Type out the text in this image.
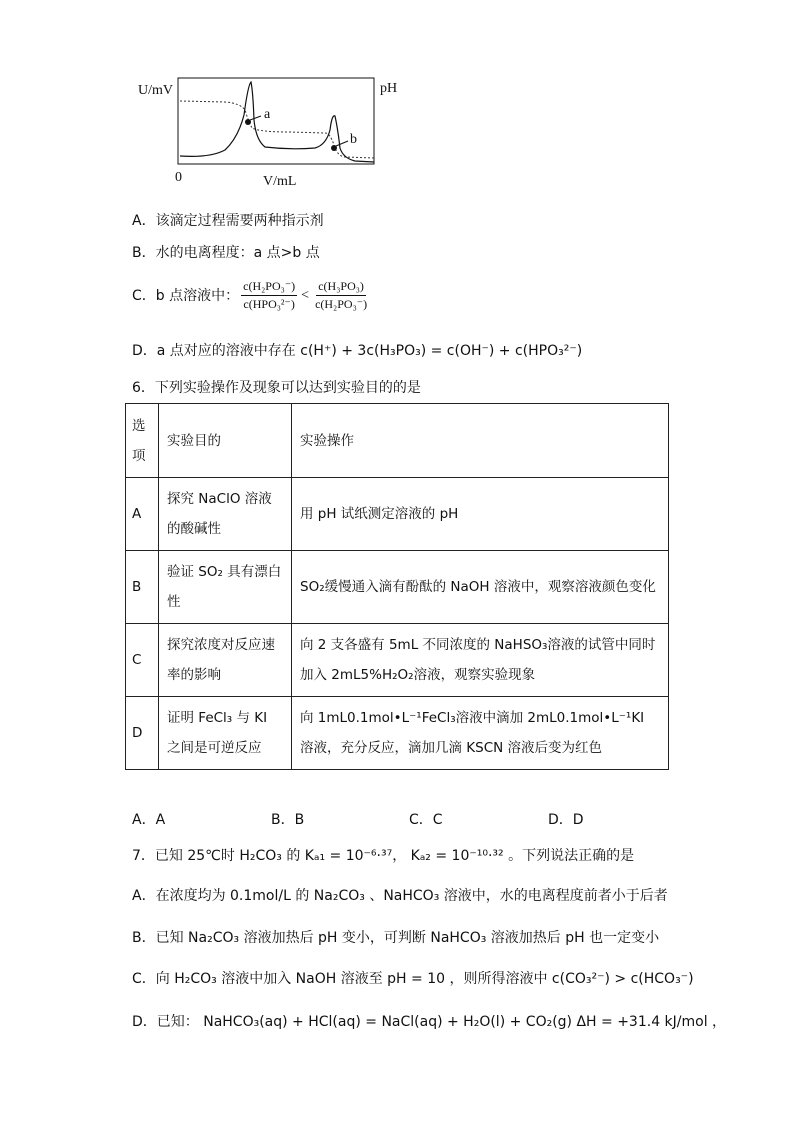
U/mV	pH
V/mL
0
a
b
A．该滴定过程需要两种指示剂
B．水的电离程度：a 点>b 点
C．b 点溶液中： $\frac{\text{c(H₂PO₃⁻)}}{\text{c(HPO₃²⁻)}} < \frac{\text{c(H₃PO₃)}}{\text{c(H₂PO₃⁻)}}$
D．a 点对应的溶液中存在 c(H⁺) + 3c(H₃PO₃) = c(OH⁻) + c(HPO₃²⁻)
6．下列实验操作及现象可以达到实验目的的是
选项	实验目的	实验操作
A	探究 NaClO 溶液的酸碱性	用 pH 试纸测定溶液的 pH
B	验证 SO₂ 具有漂白性	SO₂缓慢通入滴有酚酞的 NaOH 溶液中，观察溶液颜色变化
C	探究浓度对反应速率的影响	向 2 支各盛有 5mL 不同浓度的 NaHSO₃溶液的试管中同时加入 2mL5%H₂O₂溶液，观察实验现象
D	证明 FeCl₃ 与 KI 之间是可逆反应	向 1mL0.1mol•L⁻¹FeCl₃溶液中滴加 2mL0.1mol•L⁻¹KI 溶液，充分反应，滴加几滴 KSCN 溶液后变为红色
A．A	B．B	C．C	D．D
7．已知 25℃时 H₂CO₃ 的 Kₐ₁ = 10⁻⁶·³⁷， Kₐ₂ = 10⁻¹⁰·³² 。下列说法正确的是
A．在浓度均为 0.1mol/L 的 Na₂CO₃ 、NaHCO₃ 溶液中，水的电离程度前者小于后者
B．已知 Na₂CO₃ 溶液加热后 pH 变小，可判断 NaHCO₃ 溶液加热后 pH 也一定变小
C．向 H₂CO₃ 溶液中加入 NaOH 溶液至 pH = 10 ，则所得溶液中 c(CO₃²⁻) > c(HCO₃⁻)
D．已知： NaHCO₃(aq) + HCl(aq) = NaCl(aq) + H₂O(l) + CO₂(g) ΔH = +31.4 kJ/mol ，
